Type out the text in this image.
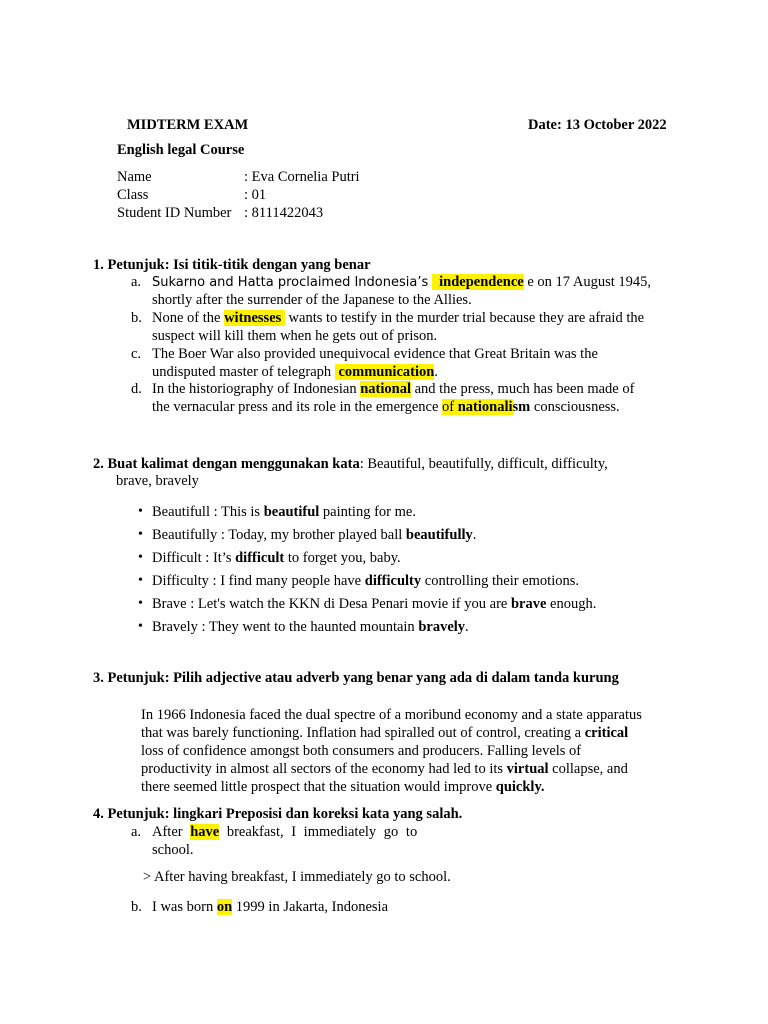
MIDTERM EXAM	Date: 13 October 2022
English legal Course
Name	: Eva Cornelia Putri
Class	: 01
Student ID Number : 8111422043
1. Petunjuk: Isi titik-titik dengan yang benar
a. Sukarno and Hatta proclaimed Indonesia’s independence e on 17 August 1945,
shortly after the surrender of the Japanese to the Allies.
b. None of the witnesses  wants to testify in the murder trial because they are afraid the
suspect will kill them when he gets out of prison.
c. The Boer War also provided unequivocal evidence that Great Britain was the
undisputed master of telegraph  communication.
d. In the historiography of Indonesian national and the press, much has been made of
the vernacular press and its role in the emergence of nationalism consciousness.
2. Buat kalimat dengan menggunakan kata: Beautiful, beautifully, difficult, difficulty,
brave, bravely
• Beautifull : This is beautiful painting for me.
• Beautifully : Today, my brother played ball beautifully.
• Difficult : It’s difficult to forget you, baby.
• Difficulty : I find many people have difficulty controlling their emotions.
• Brave : Let's watch the KKN di Desa Penari movie if you are brave enough.
• Bravely : They went to the haunted mountain bravely.
3. Petunjuk: Pilih adjective atau adverb yang benar yang ada di dalam tanda kurung
In 1966 Indonesia faced the dual spectre of a moribund economy and a state apparatus
that was barely functioning. Inflation had spiralled out of control, creating a critical
loss of confidence amongst both consumers and producers. Falling levels of
productivity in almost all sectors of the economy had led to its virtual collapse, and
there seemed little prospect that the situation would improve quickly.
4. Petunjuk: lingkari Preposisi dan koreksi kata yang salah.
a. After have breakfast, I immediately go to
school.
> After having breakfast, I immediately go to school.
b. I was born on 1999 in Jakarta, Indonesia
